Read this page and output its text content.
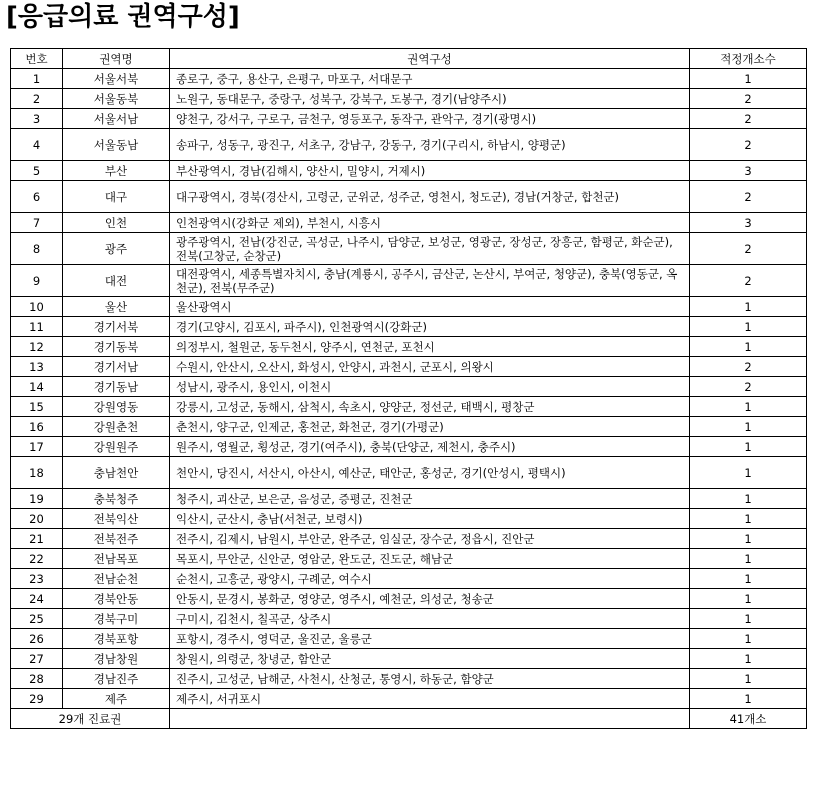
[응급의료 권역구성]
번호	권역명	권역구성	적정개소수
1	서울서북	종로구, 중구, 용산구, 은평구, 마포구, 서대문구	1
2	서울동북	노원구, 동대문구, 중랑구, 성북구, 강북구, 도봉구, 경기(남양주시)	2
3	서울서남	양천구, 강서구, 구로구, 금천구, 영등포구, 동작구, 관악구, 경기(광명시)	2
4	서울동남	송파구, 성동구, 광진구, 서초구, 강남구, 강동구, 경기(구리시, 하남시, 양평군)	2
5	부산	부산광역시, 경남(김해시, 양산시, 밀양시, 거제시)	3
6	대구	대구광역시, 경북(경산시, 고령군, 군위군, 성주군, 영천시, 청도군), 경남(거창군, 합천군)	2
7	인천	인천광역시(강화군 제외), 부천시, 시흥시	3
8	광주	광주광역시, 전남(강진군, 곡성군, 나주시, 담양군, 보성군, 영광군, 장성군, 장흥군, 함평군, 화순군), 전북(고창군, 순창군)	2
9	대전	대전광역시, 세종특별자치시, 충남(계룡시, 공주시, 금산군, 논산시, 부여군, 청양군), 충북(영동군, 옥천군), 전북(무주군)	2
10	울산	울산광역시	1
11	경기서북	경기(고양시, 김포시, 파주시), 인천광역시(강화군)	1
12	경기동북	의정부시, 철원군, 동두천시, 양주시, 연천군, 포천시	1
13	경기서남	수원시, 안산시, 오산시, 화성시, 안양시, 과천시, 군포시, 의왕시	2
14	경기동남	성남시, 광주시, 용인시, 이천시	2
15	강원영동	강릉시, 고성군, 동해시, 삼척시, 속초시, 양양군, 정선군, 태백시, 평창군	1
16	강원춘천	춘천시, 양구군, 인제군, 홍천군, 화천군, 경기(가평군)	1
17	강원원주	원주시, 영월군, 횡성군, 경기(여주시), 충북(단양군, 제천시, 충주시)	1
18	충남천안	천안시, 당진시, 서산시, 아산시, 예산군, 태안군, 홍성군, 경기(안성시, 평택시)	1
19	충북청주	청주시, 괴산군, 보은군, 음성군, 증평군, 진천군	1
20	전북익산	익산시, 군산시, 충남(서천군, 보령시)	1
21	전북전주	전주시, 김제시, 남원시, 부안군, 완주군, 임실군, 장수군, 정읍시, 진안군	1
22	전남목포	목포시, 무안군, 신안군, 영암군, 완도군, 진도군, 해남군	1
23	전남순천	순천시, 고흥군, 광양시, 구례군, 여수시	1
24	경북안동	안동시, 문경시, 봉화군, 영양군, 영주시, 예천군, 의성군, 청송군	1
25	경북구미	구미시, 김천시, 칠곡군, 상주시	1
26	경북포항	포항시, 경주시, 영덕군, 울진군, 울릉군	1
27	경남창원	창원시, 의령군, 창녕군, 함안군	1
28	경남진주	진주시, 고성군, 남해군, 사천시, 산청군, 통영시, 하동군, 함양군	1
29	제주	제주시, 서귀포시	1
29개 진료권			41개소
